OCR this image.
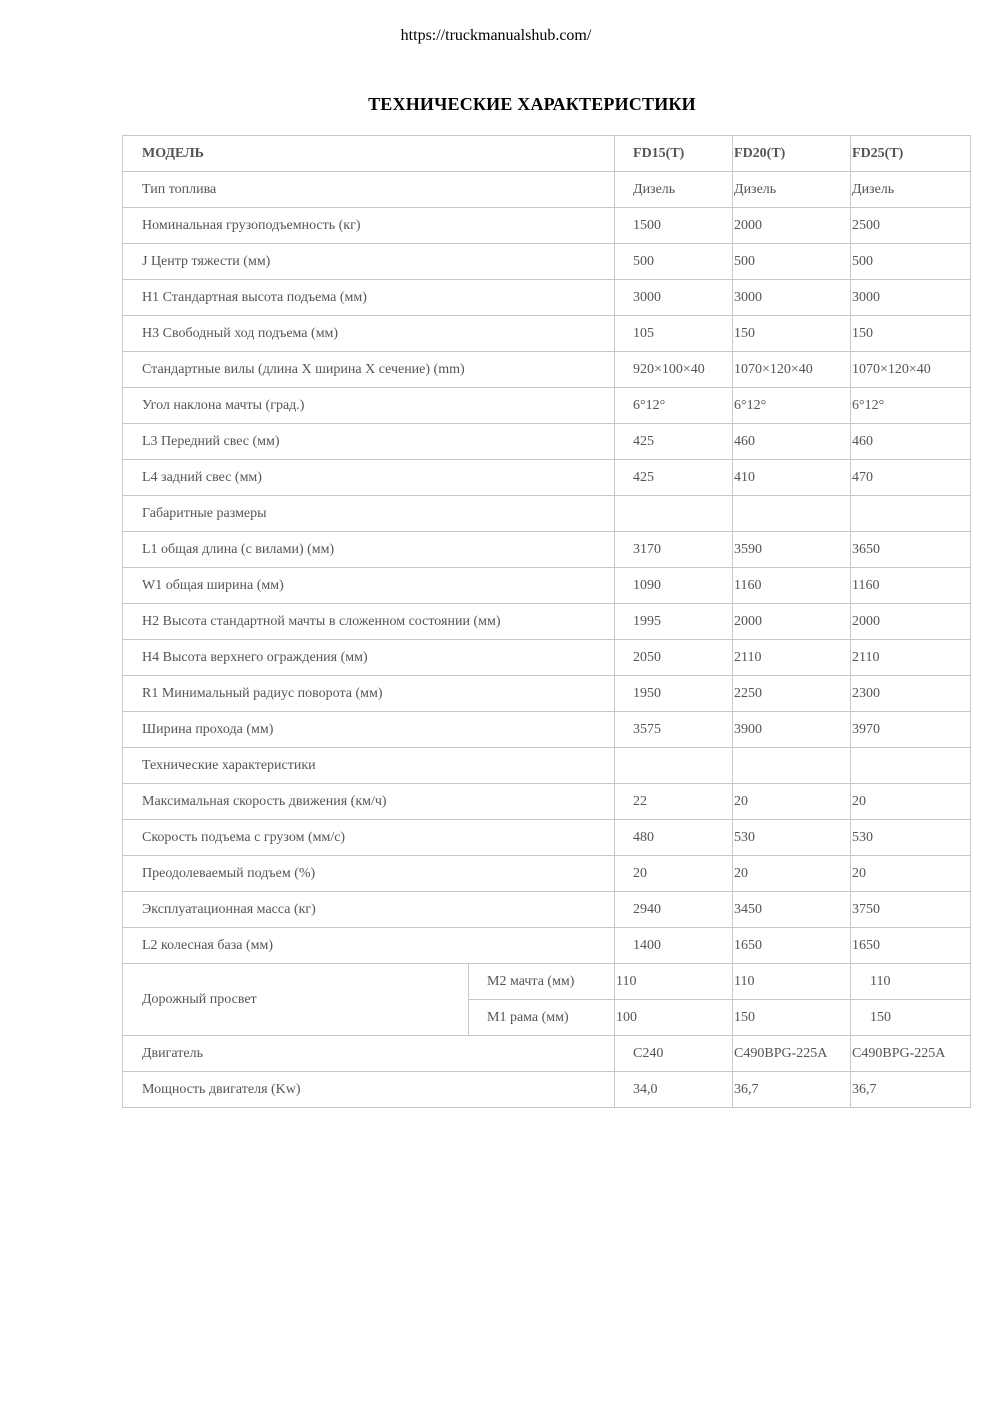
https://truckmanualshub.com/
ТЕХНИЧЕСКИЕ ХАРАКТЕРИСТИКИ
МОДЕЛЬ		FD15(T)	FD20(T)	FD25(T)
Тип топлива		Дизель	Дизель	Дизель
Номинальная грузоподъемность (кг)		1500	2000	2500
J Центр тяжести (мм)		500	500	500
H1 Стандартная высота подъема (мм)		3000	3000	3000
H3 Свободный ход подъема (мм)		105	150	150
Стандартные вилы (длина X ширина X сечение) (mm)		920×100×40	1070×120×40	1070×120×40
Угол наклона мачты (град.)		6°12°	6°12°	6°12°
L3 Передний свес (мм)		425	460	460
L4 задний свес (мм)		425	410	470
Габаритные размеры				
L1 общая длина (с вилами) (мм)		3170	3590	3650
W1 общая ширина (мм)		1090	1160	1160
H2 Высота стандартной мачты в сложенном состоянии (мм)		1995	2000	2000
H4 Высота верхнего ограждения (мм)		2050	2110	2110
R1 Минимальный радиус поворота (мм)		1950	2250	2300
Ширина прохода (мм)		3575	3900	3970
Технические характеристики				
Максимальная скорость движения (км/ч)		22	20	20
Скорость подъема с грузом (мм/с)		480	530	530
Преодолеваемый подъем (%)		20	20	20
Эксплуатационная масса (кг)		2940	3450	3750
L2 колесная база (мм)		1400	1650	1650
Дорожный просвет	M2 мачта (мм)	110	110	110
	M1 рама (мм)	100	150	150
Двигатель		C240	C490BPG-225A	C490BPG-225A
Мощность двигателя (Kw)		34,0	36,7	36,7
